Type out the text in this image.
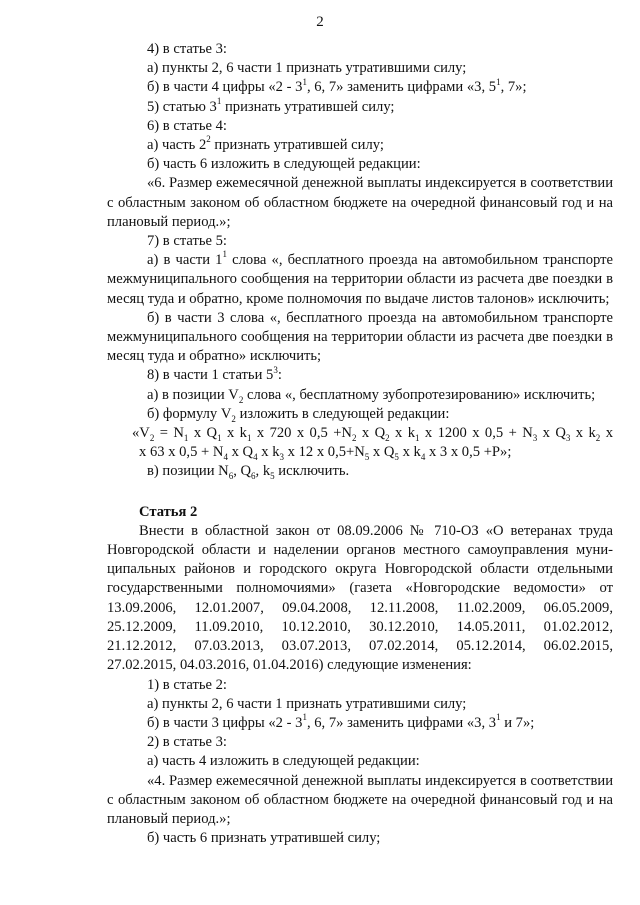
2

4) в статье 3:

а) пункты 2, 6 части 1 признать утратившими силу;

б) в части 4 цифры «$2 - 3^1$, 6, 7» заменить цифрами «3, $5^1$, 7»;

5) статью $3^1$ признать утратившей силу;

6) в статье 4:

а) часть $2^2$ признать утратившей силу;

б) часть 6 изложить в следующей редакции:

«6. Размер ежемесячной денежной выплаты индексируется в соответствии с областным законом об областном бюджете на очередной финансовый год и на плановый период.»;

7) в статье 5:

а) в части $1^1$ слова «, бесплатного проезда на автомобильном транспорте межмуниципального сообщения на территории области из расчета две поездки в месяц туда и обратно, кроме полномочия по выдаче листов талонов» исключить;

б) в части 3 слова «, бесплатного проезда на автомобильном транспорте межмуниципального сообщения на территории области из расчета две поездки в месяц туда и обратно» исключить;

8) в части 1 статьи $5^3$:

а) в позиции $V_2$ слова «, бесплатному зубопротезированию» исключить;

б) формулу $V_2$ изложить в следующей редакции:

«$V_2 = N_1$ x $Q_1$ x $k_1$ x 720 x $0,5 +N_2$ x $Q_2$ x $k_1$ x 1200 x $0,5 + N_3$ x $Q_3$ x $k_2$ x

x 63 x $0,5 + N_4$ x $Q_4$ x $k_3$ x 12 x $0,5+N_5$ x $Q_5$ x $k_4$ x 3 x 0,5 +P»;

в) позиции $N_6$, $Q_6$, $k_5$ исключить.

Статья 2

Внести в областной закон от 08.09.2006 № 710-ОЗ «О ветеранах труда

Новгородской области и наделении органов местного самоуправления муни-

ципальных районов и городского округа Новгородской области отдельными

государственными полномочиями» (газета «Новгородские ведомости» от

13.09.2006, 12.01.2007, 09.04.2008, 12.11.2008, 11.02.2009, 06.05.2009,

25.12.2009, 11.09.2010, 10.12.2010, 30.12.2010, 14.05.2011, 01.02.2012,

21.12.2012, 07.03.2013, 03.07.2013, 07.02.2014, 05.12.2014, 06.02.2015,

27.02.2015, 04.03.2016, 01.04.2016) следующие изменения:

1) в статье 2:

а) пункты 2, 6 части 1 признать утратившими силу;

б) в части 3 цифры «$2 - 3^1$, 6, 7» заменить цифрами «3, $3^1$ и 7»;

2) в статье 3:

а) часть 4 изложить в следующей редакции:

«4. Размер ежемесячной денежной выплаты индексируется в соответствии с областным законом об областном бюджете на очередной финансовый год и на плановый период.»;

б) часть 6 признать утратившей силу;
